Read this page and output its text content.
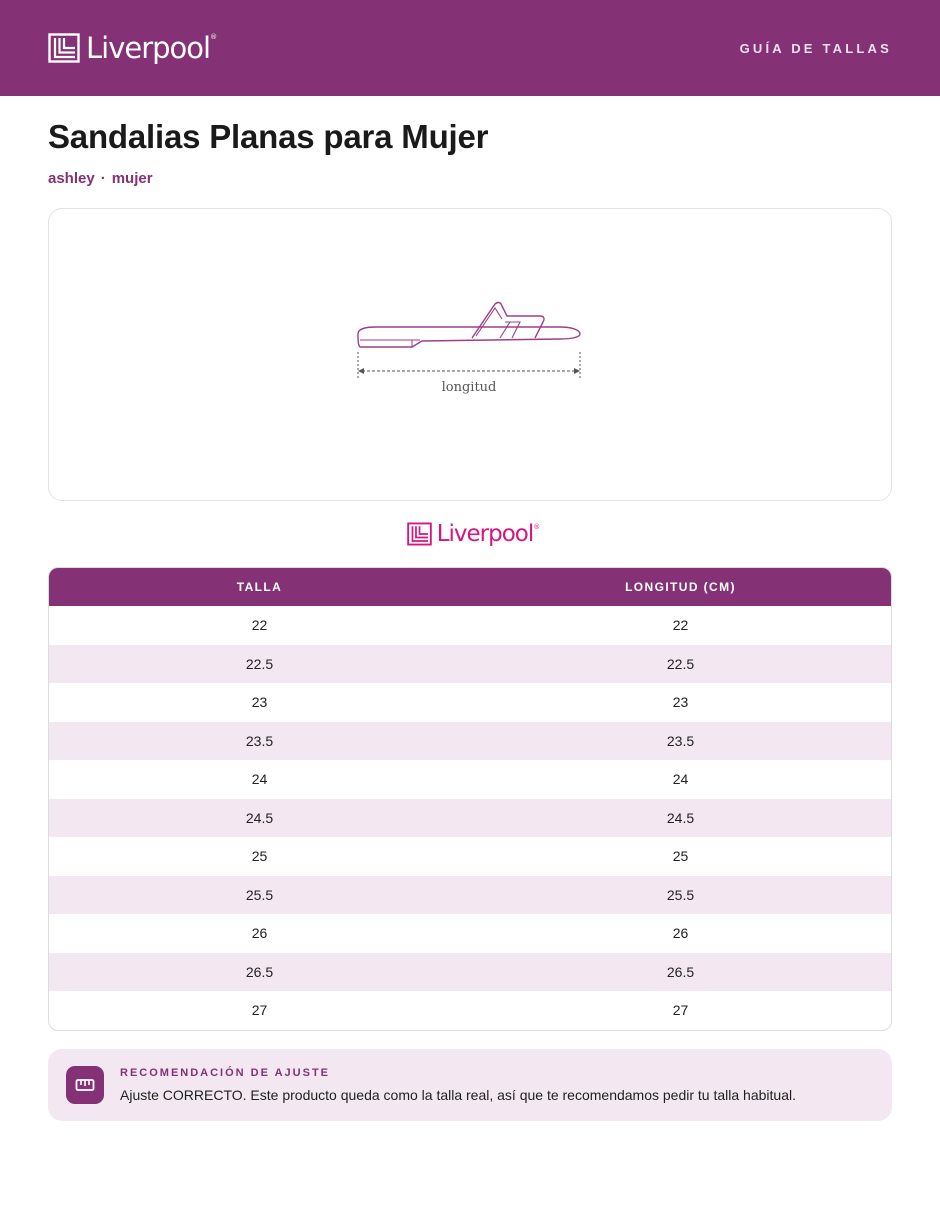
Liverpool ®
GUÍA DE TALLAS
Sandalias Planas para Mujer
ashley · mujer
longitud
Liverpool ®
TALLA	LONGITUD (CM)
22	22
22.5	22.5
23	23
23.5	23.5
24	24
24.5	24.5
25	25
25.5	25.5
26	26
26.5	26.5
27	27
RECOMENDACIÓN DE AJUSTE
Ajuste CORRECTO. Este producto queda como la talla real, así que te recomendamos pedir tu talla habitual.
